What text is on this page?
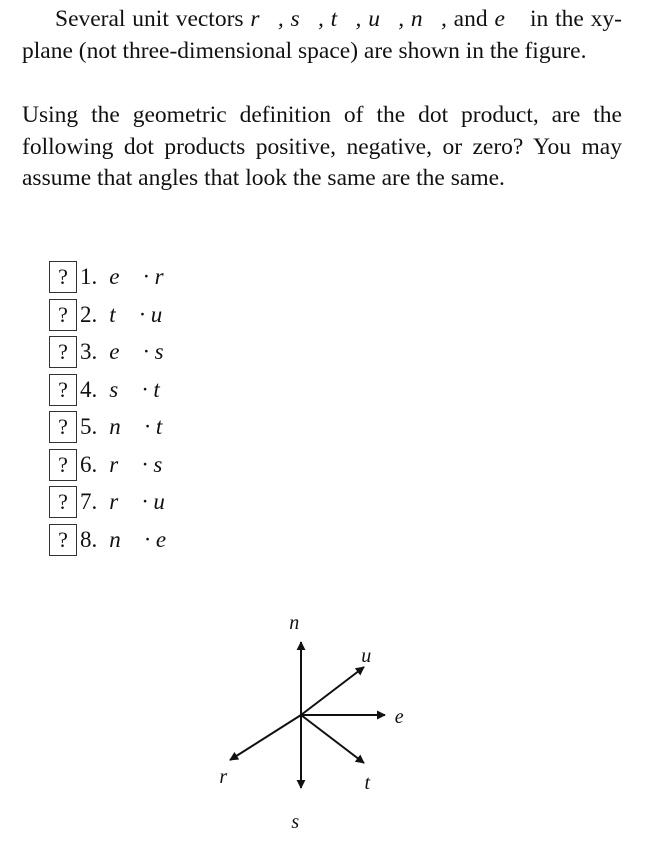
Several unit vectors r⃗, s⃗, t⃗, u⃗, n⃗, and e⃗ in the xy-plane (not three-dimensional space) are shown in the figure.
Using the geometric definition of the dot product, are the following dot products positive, negative, or zero? You may assume that angles that look the same are the same.
? 1. e⃗ · r⃗
? 2. t⃗ · u⃗
? 3. e⃗ · s⃗
? 4. s⃗ · t⃗
? 5. n⃗ · t⃗
? 6. r⃗ · s⃗
? 7. r⃗ · u⃗
? 8. n⃗ · e⃗
n⃗
u⃗
e⃗
r⃗	t⃗
s⃗
